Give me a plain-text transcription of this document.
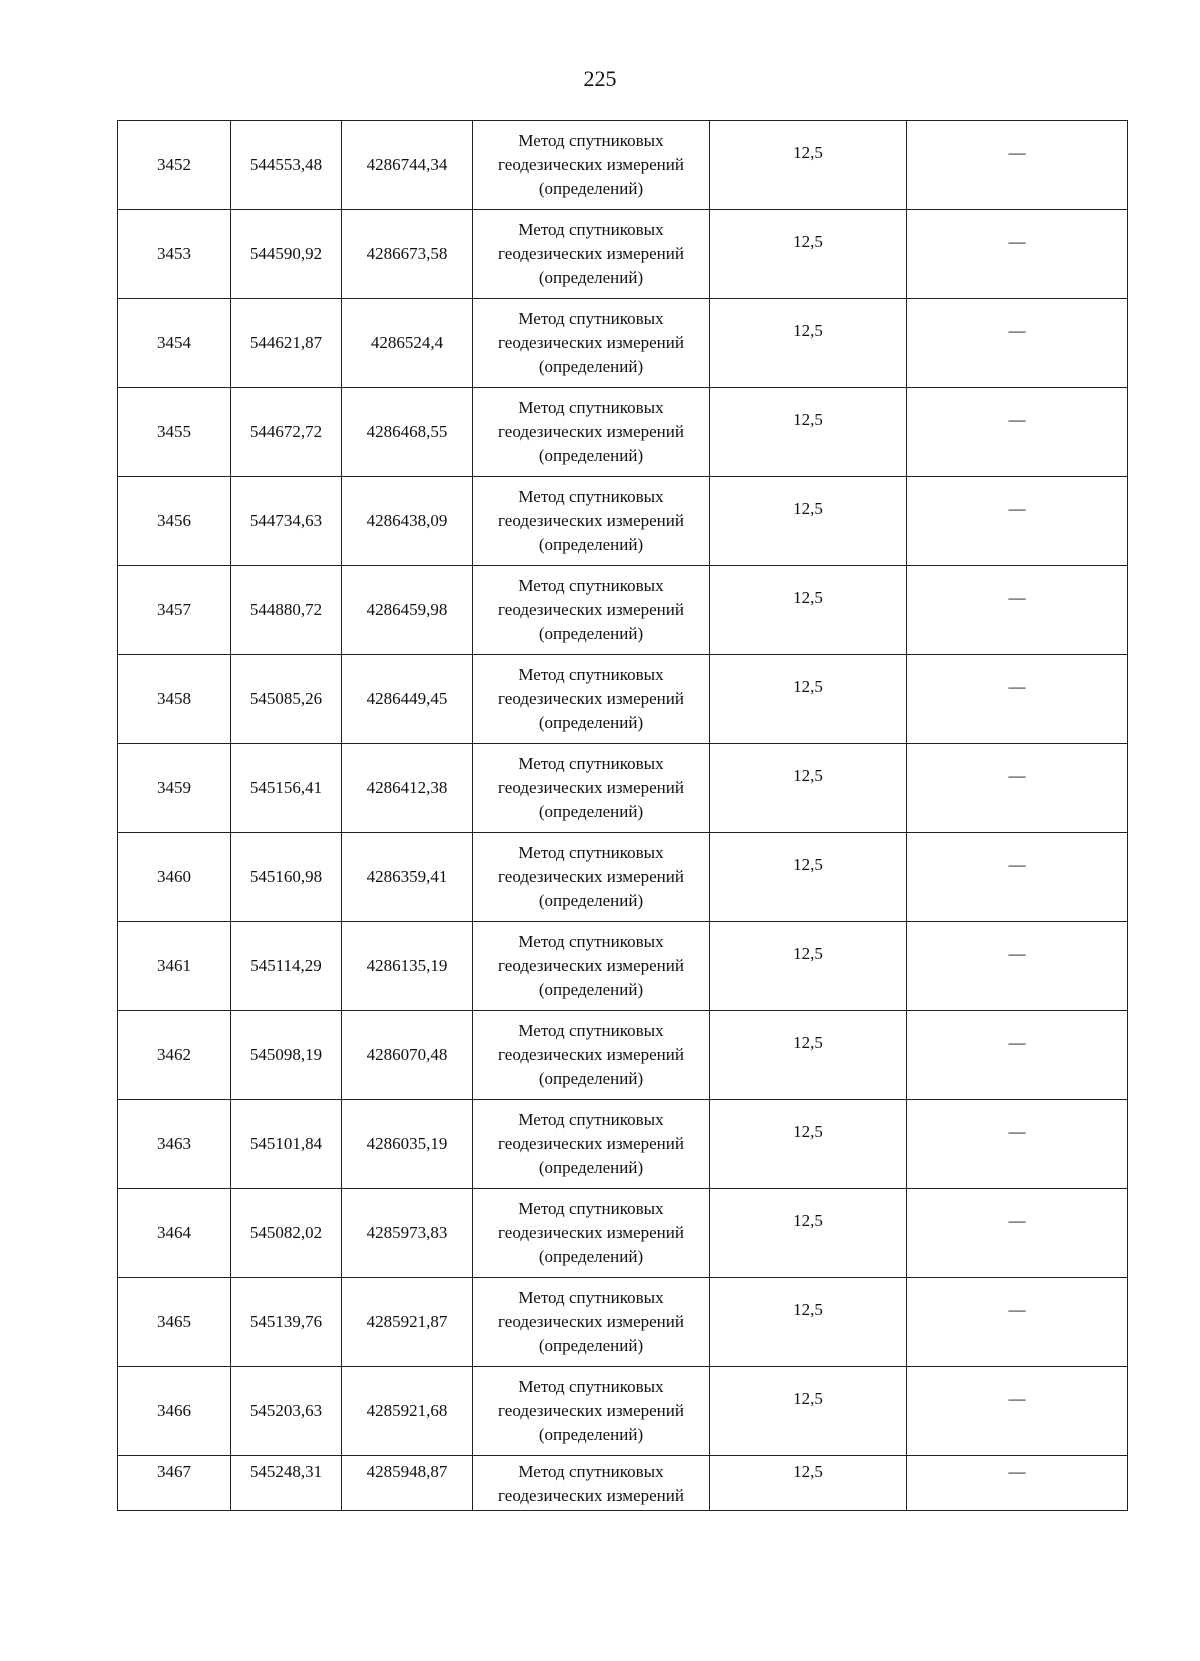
225
3452	544553,48	4286744,34	Метод спутниковых
геодезических измерений
(определений)	12,5	—
3453	544590,92	4286673,58	Метод спутниковых
геодезических измерений
(определений)	12,5	—
3454	544621,87	4286524,4	Метод спутниковых
геодезических измерений
(определений)	12,5	—
3455	544672,72	4286468,55	Метод спутниковых
геодезических измерений
(определений)	12,5	—
3456	544734,63	4286438,09	Метод спутниковых
геодезических измерений
(определений)	12,5	—
3457	544880,72	4286459,98	Метод спутниковых
геодезических измерений
(определений)	12,5	—
3458	545085,26	4286449,45	Метод спутниковых
геодезических измерений
(определений)	12,5	—
3459	545156,41	4286412,38	Метод спутниковых
геодезических измерений
(определений)	12,5	—
3460	545160,98	4286359,41	Метод спутниковых
геодезических измерений
(определений)	12,5	—
3461	545114,29	4286135,19	Метод спутниковых
геодезических измерений
(определений)	12,5	—
3462	545098,19	4286070,48	Метод спутниковых
геодезических измерений
(определений)	12,5	—
3463	545101,84	4286035,19	Метод спутниковых
геодезических измерений
(определений)	12,5	—
3464	545082,02	4285973,83	Метод спутниковых
геодезических измерений
(определений)	12,5	—
3465	545139,76	4285921,87	Метод спутниковых
геодезических измерений
(определений)	12,5	—
3466	545203,63	4285921,68	Метод спутниковых
геодезических измерений
(определений)	12,5	—
3467	545248,31	4285948,87	Метод спутниковых
геодезических измерений	12,5	—
